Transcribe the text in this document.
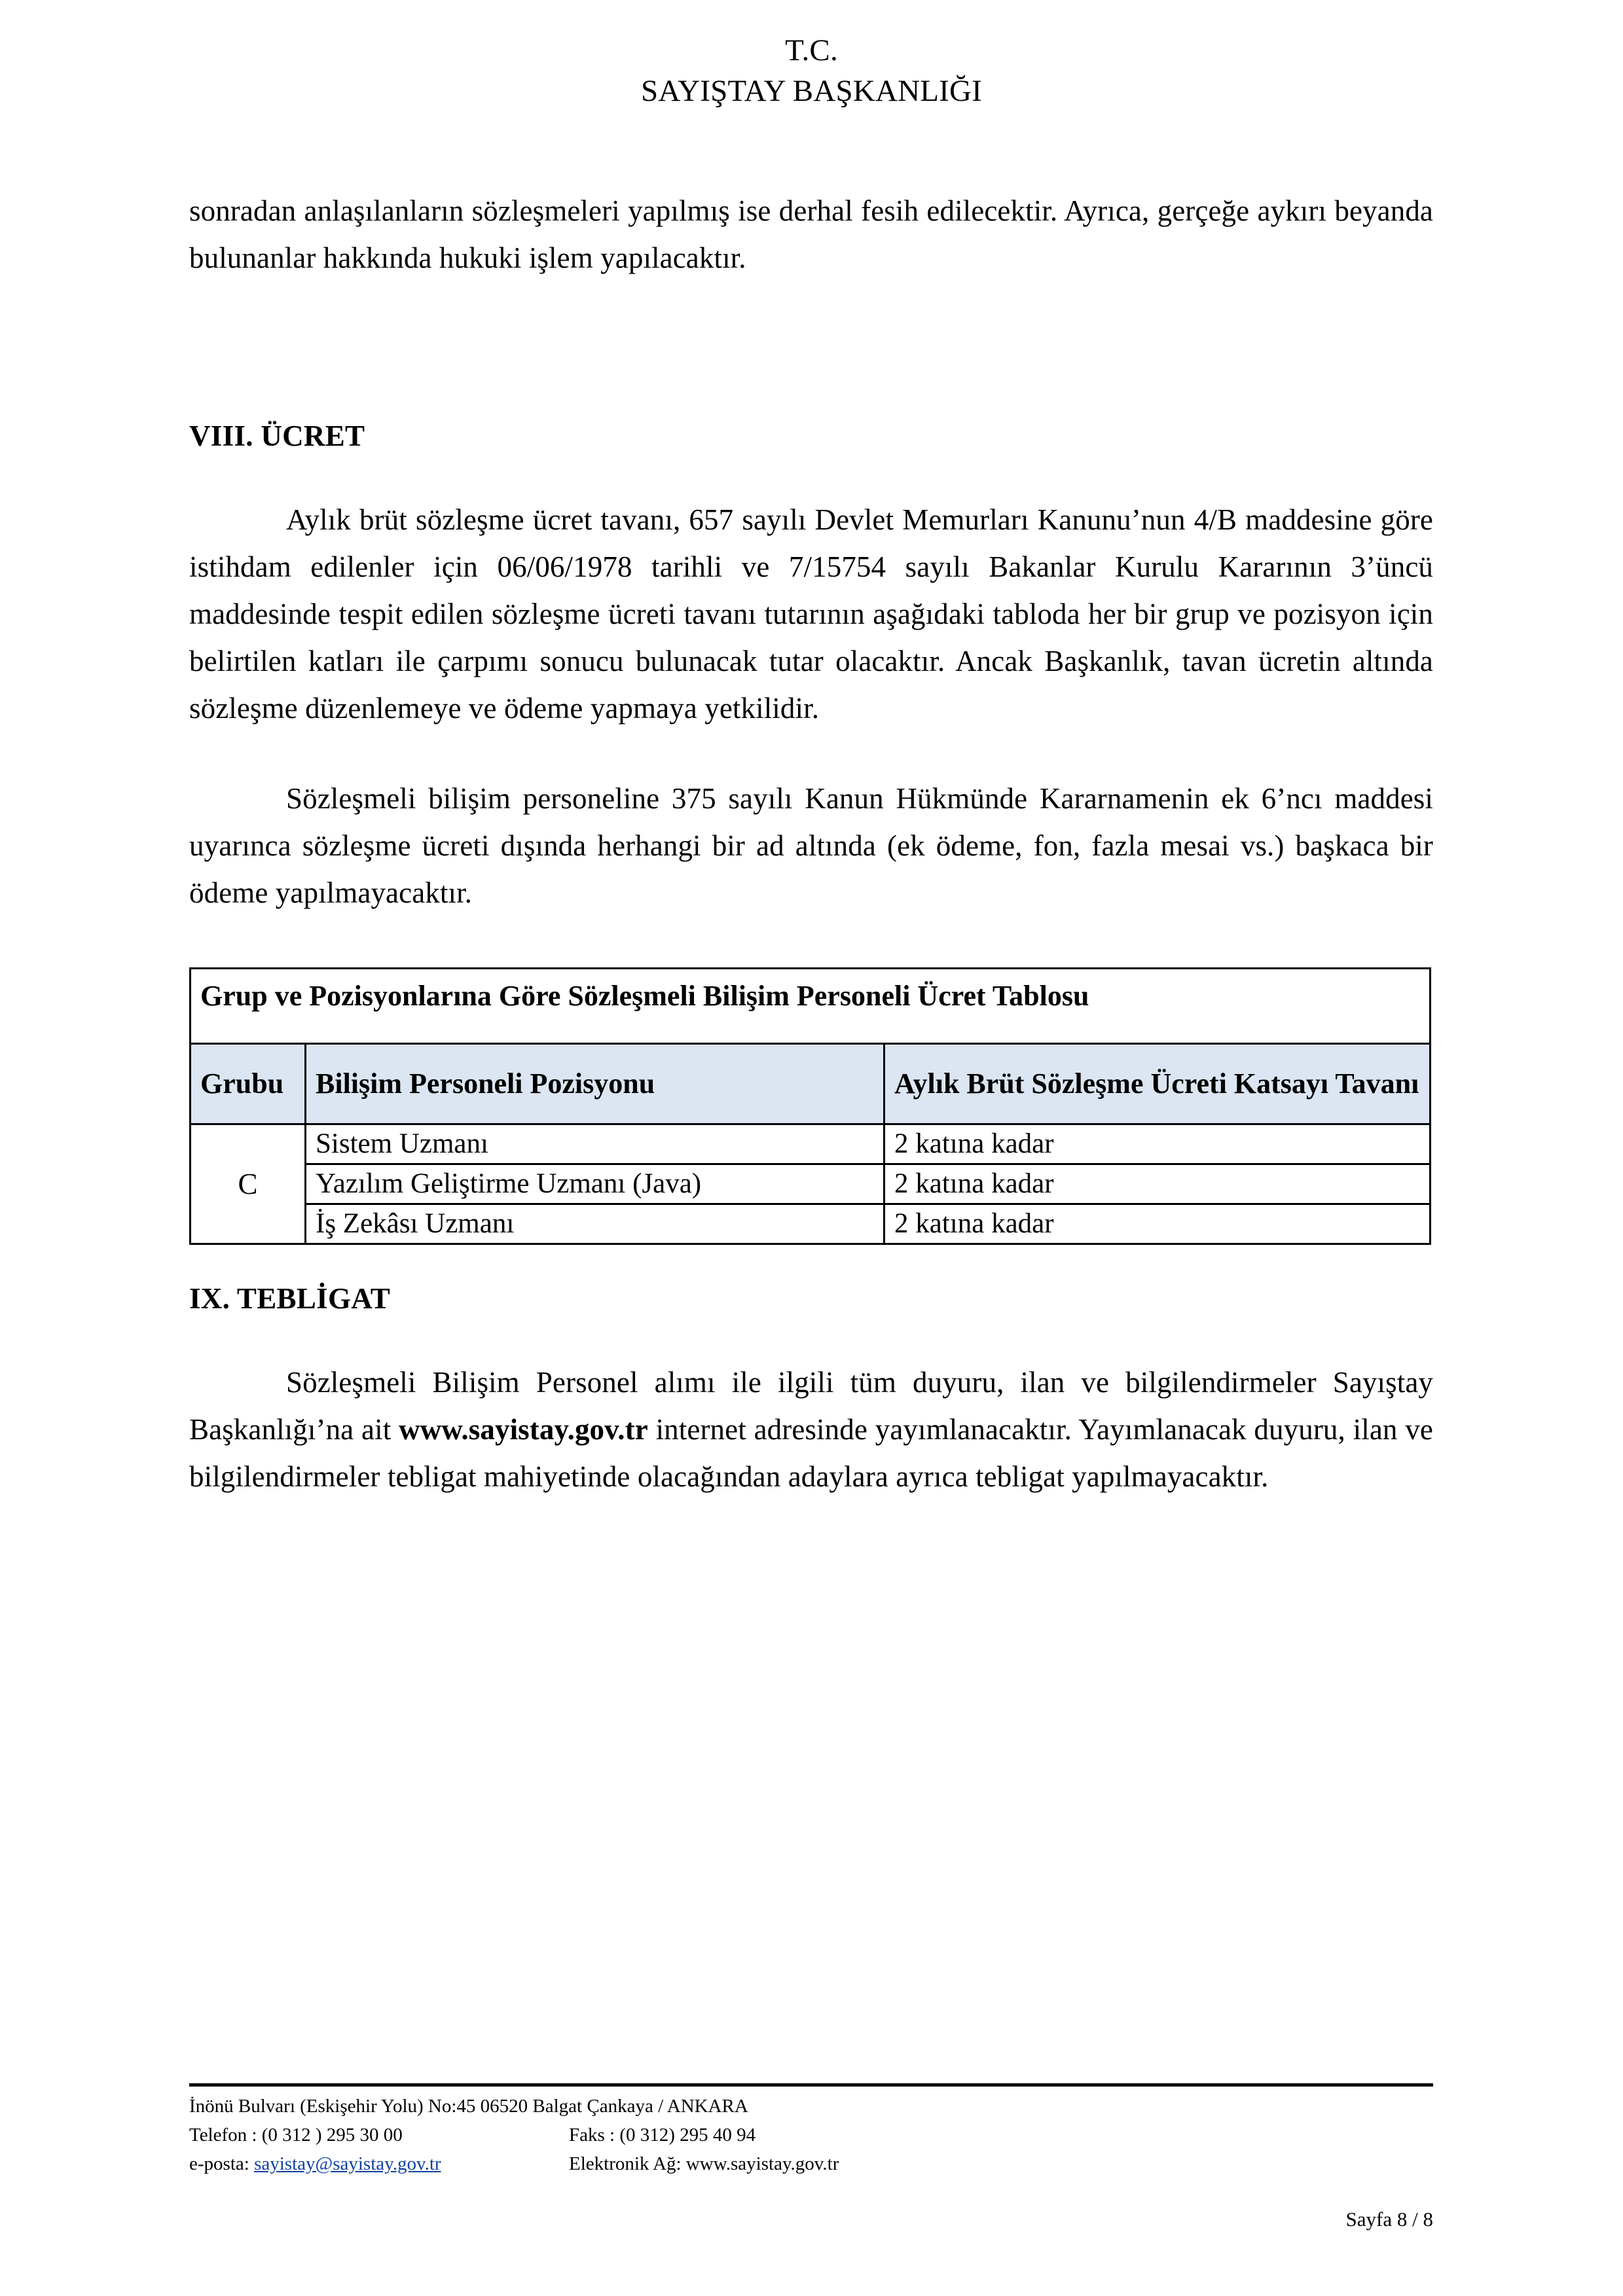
T.C.
SAYIŞTAY BAŞKANLIĞI

sonradan anlaşılanların sözleşmeleri yapılmış ise derhal fesih edilecektir. Ayrıca, gerçeğe aykırı beyanda bulunanlar hakkında hukuki işlem yapılacaktır.

VIII. ÜCRET

Aylık brüt sözleşme ücret tavanı, 657 sayılı Devlet Memurları Kanunu’nun 4/B maddesine göre istihdam edilenler için 06/06/1978 tarihli ve 7/15754 sayılı Bakanlar Kurulu Kararının 3’üncü maddesinde tespit edilen sözleşme ücreti tavanı tutarının aşağıdaki tabloda her bir grup ve pozisyon için belirtilen katları ile çarpımı sonucu bulunacak tutar olacaktır. Ancak Başkanlık, tavan ücretin altında sözleşme düzenlemeye ve ödeme yapmaya yetkilidir.

Sözleşmeli bilişim personeline 375 sayılı Kanun Hükmünde Kararnamenin ek 6’ncı maddesi uyarınca sözleşme ücreti dışında herhangi bir ad altında (ek ödeme, fon, fazla mesai vs.) başkaca bir ödeme yapılmayacaktır.

Grup ve Pozisyonlarına Göre Sözleşmeli Bilişim Personeli Ücret Tablosu		
Grubu	Bilişim Personeli Pozisyonu	Aylık Brüt Sözleşme Ücreti Katsayı Tavanı
C	Sistem Uzmanı	2 katına kadar
	Yazılım Geliştirme Uzmanı (Java)	2 katına kadar
	İş Zekâsı Uzmanı	2 katına kadar
IX. TEBLİGAT

Sözleşmeli Bilişim Personel alımı ile ilgili tüm duyuru, ilan ve bilgilendirmeler Sayıştay Başkanlığı’na ait www.sayistay.gov.tr internet adresinde yayımlanacaktır. Yayımlanacak duyuru, ilan ve bilgilendirmeler tebligat mahiyetinde olacağından adaylara ayrıca tebligat yapılmayacaktır.

İnönü Bulvarı (Eskişehir Yolu) No:45 06520 Balgat Çankaya / ANKARA
Telefon : (0 312 ) 295 30 00	Faks : (0 312) 295 40 94
e-posta: sayistay@sayistay.gov.tr	Elektronik Ağ: www.sayistay.gov.tr
Sayfa 8 / 8
